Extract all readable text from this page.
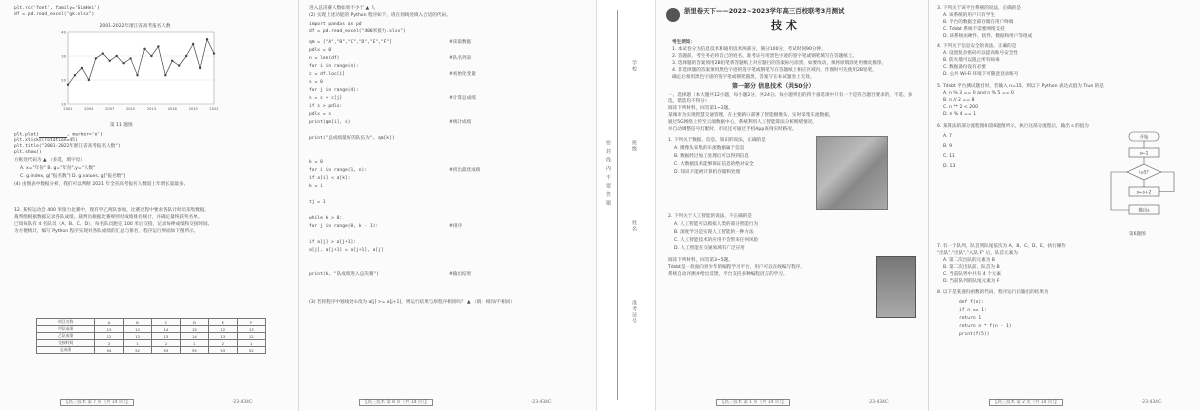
plt.rc('font', family='SimHei')
df = pd.read_excel("gk.xlsx")
2001-2022年浙江省高考报名人数
40
30
20
10
2001	2004	2007	2010	2013	2016	2019	2022
第 11 题图
plt.plot(	, marker='o')
plt.xticks(rotation=45)
plt.title("2001-2022年浙江省高考报名人数")
plt.show()
方框处代码为 ▲ （多选，填字母）
A. x="年份" B. g="年份",y="人数"
C. g.index, g["报名数"] D. g.values, g["报名数"]
(4) 由图表中数据分析，我们可以判断 2021 年全省高考报名人数较上年增长量最多。
12. 某校运动会 400 米接力比赛中，现有甲乙两队参加，比赛过程中要求各队计时员采集数据，
裁判组根据数据记录各队成绩。裁判员根据比赛规则对成绩排名统计，并确定最终获奖名单。
已知每队有 4 名队员（A、B、C、D），每名队员跑完 100 米后交接，记录每棒成绩和交接时间。
为方便统计，编写 Python 程序实现对各队成绩的汇总与排名，程序运行界面如下图所示。
项目名称	A	B	C	D	E	F
甲队成绩	13	12	14	15	12	13
乙队成绩	12	13	13	14	13	12
交接时间	2	1	2	1	2	1
总成绩	54	52	53	55	53	52
【高三技术 第 7 页（共 14 页）】	·23-434C·
进入总决赛人数如果不少于 ▲ 人
(2) 实现上述功能的 Python 程序如下，请在划线处填入合适的代码。
import pandas as pd
df = pd.read_excel("400米接力.xlsx")
qm = ["A","B","C","D","E","F"]
pdlx = 0
n = len(df)
for i in range(n):
c = df.loc[i]
s = 0
for j in range(4):
s = s + c[j]
if s > pdlx:
pdlx = s
print(qm[i], s)
print("总成绩最好的队伍为", qm[k])
k = 0
for i in range(1, n):
if a[i] < a[k]:
k = i
tj = 1
while k > 0:
for j in range(0, k - 1):
if a[j] > a[j+1]:
a[j], a[j+1] = a[j+1], a[j]
print(k, "队成绩进入总决赛")
(3) 若将程序中划线处①改为 a[j] >= a[j+1]，则运行结果与原程序相同吗？ ▲ （填：相同/不相同）
#读取数据
#队名列表
#初始化变量
#计算总成绩
#统计成绩
#找出最优成绩
#排序
#输出结果
【高三技术 第 8 页（共 14 页）】	·23-434C·
密 封 线 内 不 要 答 题
学校
班级
姓名
准考证号
浙里卷天下——2022~2023学年高三百校联考3月测试
技 术
考生须知：
1. 本试卷分为信息技术和通用技术两部分，满分100分，考试时间90分钟。
2. 答题前，考生务必将自己的姓名、准考证号用黑色字迹的签字笔或钢笔填写在答题纸上。
3. 选择题的答案须用2B铅笔将答题纸上对应题目的答案标号涂黑，如要改动，须将原填涂处用橡皮擦净。
4. 非选择题的答案须用黑色字迹的签字笔或钢笔写在答题纸上相应区域内，作图时可先使用2B铅笔，
确定后须用黑色字迹的签字笔或钢笔描黑，答案写在本试题卷上无效。
第一部分 信息技术（共50分）
一、选择题（本大题共12小题，每小题2分，共24分。每小题列出的四个备选项中只有一个是符合题目要求的，不选、多选、错选均不得分）
阅读下列材料，回答第1~2题。
某城市为实现智慧交通管理，在主要路口部署了智能摄像头，实时采集车流数据，
通过5G网络上传至云端数据中心，系统利用人工智能算法分析拥堵情况，
并自动调整信号灯配时，市民还可通过手机App查询实时路况。
1. 下列关于数据、信息、知识的说法，正确的是
A. 摄像头采集的车流数据属于信息
B. 数据经过加工处理后可以得到信息
C. 大数据技术能够保证信息的绝对安全
D. 知识不能被计算机存储和处理
2. 下列关于人工智能的说法，不正确的是
A. 人工智能可以模拟人类的部分智能行为
B. 深度学习是实现人工智能的一种方法
C. 人工智能技术的应用不会带来任何风险
D. 人工智能在交通领域有广泛应用
阅读下列材料，回答第3~5题。
Tdsbt是一款面向青少年的编程学习平台，用户可以在线编写程序，
系统自动评测并给出反馈，平台支持多种编程语言的学习。
【高三技术 第 1 页（共 14 页）】	·23-434C·
3. 下列关于该平台系统的说法，正确的是
A. 该系统的用户只有学生
B. 平台的数据全部存储在用户终端
C. Tdsbt 系统不需要网络支持
D. 该系统由硬件、软件、数据和用户等组成
4. 下列关于信息安全的说法，正确的是
A. 设置复杂密码可以提高账号安全性
B. 防火墙可以阻止所有病毒
C. 数据备份没有必要
D. 公共 Wi-Fi 环境下可随意登录账号
5. Tdsbt 平台测试题目时，若输入 n=15，则以下 Python 表达式值为 True 的是
A. n % 3 == 0 and n % 5 == 0
B. n // 2 == 8
C. n ** 2 < 200
D. n % 4 == 1
6. 某算法的部分流程图如第6题图所示，执行这部分流程后，输出 s 的值为
A. 7
B. 9
C. 11
D. 13
开始
s←1
i≤5?
s←s+2
输出s
第6题图
7. 有一个队列，队首到队尾依次为 A、B、C、D、E，执行操作
"出队","出队","入队 F" 后，队首元素为
A. 第二次出队的元素为 B
B. 第二次出队前，队首为 B
C. 当前队列中共有 4 个元素
D. 当前队列的队尾元素为 F
8. 以下是某递归函数的代码，程序运行后输出的结果为
def f(n):
if n == 1:
return 1
return n * f(n - 1)
print(f(5))
【高三技术 第 2 页（共 14 页）】	·23-434C·
